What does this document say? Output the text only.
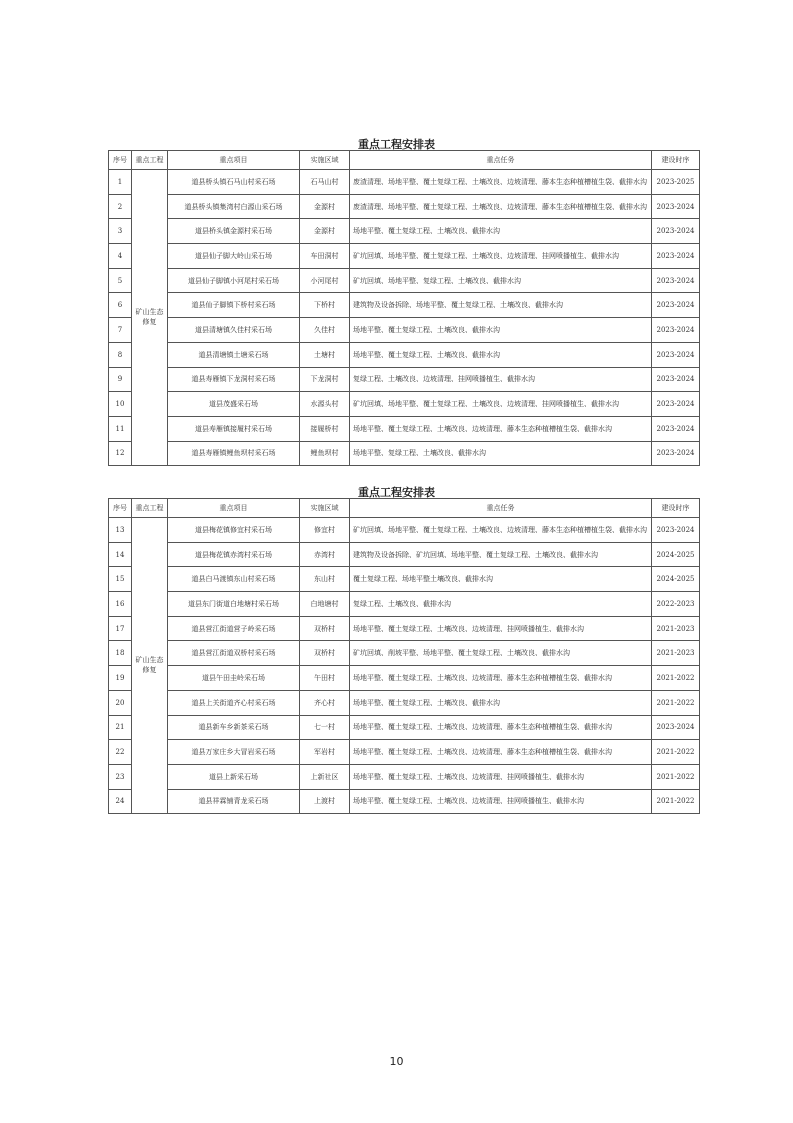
重点工程安排表
序号	重点工程	重点项目	实施区域	重点任务	建设时序
1	矿山生态修复	道县桥头镇石马山村采石场	石马山村	废渣清理、场地平整、覆土复绿工程、土壤改良、边坡清理、藤本生态种植槽植生袋、截排水沟	2023-2025
2		道县桥头镇集湾村白源山采石场	金源村	废渣清理、场地平整、覆土复绿工程、土壤改良、边坡清理、藤本生态种植槽植生袋、截排水沟	2023-2024
3		道县桥头镇金源村采石场	金源村	场地平整、覆土复绿工程、土壤改良、截排水沟	2023-2024
4		道县仙子脚大岭山采石场	车田洞村	矿坑回填、场地平整、覆土复绿工程、土壤改良、边坡清理、挂网喷播植生、截排水沟	2023-2024
5		道县仙子脚镇小河尾村采石场	小河尾村	矿坑回填、场地平整、复绿工程、土壤改良、截排水沟	2023-2024
6		道县仙子脚镇下桥村采石场	下桥村	建筑物及设备拆除、场地平整、覆土复绿工程、土壤改良、截排水沟	2023-2024
7		道县清塘镇久佳村采石场	久佳村	场地平整、覆土复绿工程、土壤改良、截排水沟	2023-2024
8		道县清塘镇土塘采石场	土塘村	场地平整、覆土复绿工程、土壤改良、截排水沟	2023-2024
9		道县寿雁镇下龙洞村采石场	下龙洞村	复绿工程、土壤改良、边坡清理、挂网喷播植生、截排水沟	2023-2024
10		道县茂盛采石场	水源头村	矿坑回填、场地平整、覆土复绿工程、土壤改良、边坡清理、挂网喷播植生、截排水沟	2023-2024
11		道县寿雁镇接履村采石场	接履桥村	场地平整、覆土复绿工程、土壤改良、边坡清理、藤本生态种植槽植生袋、截排水沟	2023-2024
12		道县寿雁镇鲤鱼坝村采石场	鲤鱼坝村	场地平整、复绿工程、土壤改良、截排水沟	2023-2024
重点工程安排表
序号	重点工程	重点项目	实施区域	重点任务	建设时序
13	矿山生态修复	道县梅花镇修宜村采石场	修宜村	矿坑回填、场地平整、覆土复绿工程、土壤改良、边坡清理、藤本生态种植槽植生袋、截排水沟	2023-2024
14		道县梅花镇赤湾村采石场	赤湾村	建筑物及设备拆除、矿坑回填、场地平整、覆土复绿工程、土壤改良、截排水沟	2024-2025
15		道县白马渡镇东山村采石场	东山村	覆土复绿工程、场地平整土壤改良、截排水沟	2024-2025
16		道县东门街道白地塘村采石场	白地塘村	复绿工程、土壤改良、截排水沟	2022-2023
17		道县营江街道营子岭采石场	双桥村	场地平整、覆土复绿工程、土壤改良、边坡清理、挂网喷播植生、截排水沟	2021-2023
18		道县营江街道双桥村采石场	双桥村	矿坑回填、削坡平整、场地平整、覆土复绿工程、土壤改良、截排水沟	2021-2023
19		道县午田圭岭采石场	午田村	场地平整、覆土复绿工程、土壤改良、边坡清理、藤本生态种植槽植生袋、截排水沟	2021-2022
20		道县上关街道齐心村采石场	齐心村	场地平整、覆土复绿工程、土壤改良、截排水沟	2021-2022
21		道县新车乡新茶采石场	七一村	场地平整、覆土复绿工程、土壤改良、边坡清理、藤本生态种植槽植生袋、截排水沟	2023-2024
22		道县万家庄乡大冒岩采石场	军岩村	场地平整、覆土复绿工程、土壤改良、边坡清理、藤本生态种植槽植生袋、截排水沟	2021-2022
23		道县上新采石场	上新社区	场地平整、覆土复绿工程、土壤改良、边坡清理、挂网喷播植生、截排水沟	2021-2022
24		道县祥霖铺青龙采石场	上渡村	场地平整、覆土复绿工程、土壤改良、边坡清理、挂网喷播植生、截排水沟	2021-2022
10
